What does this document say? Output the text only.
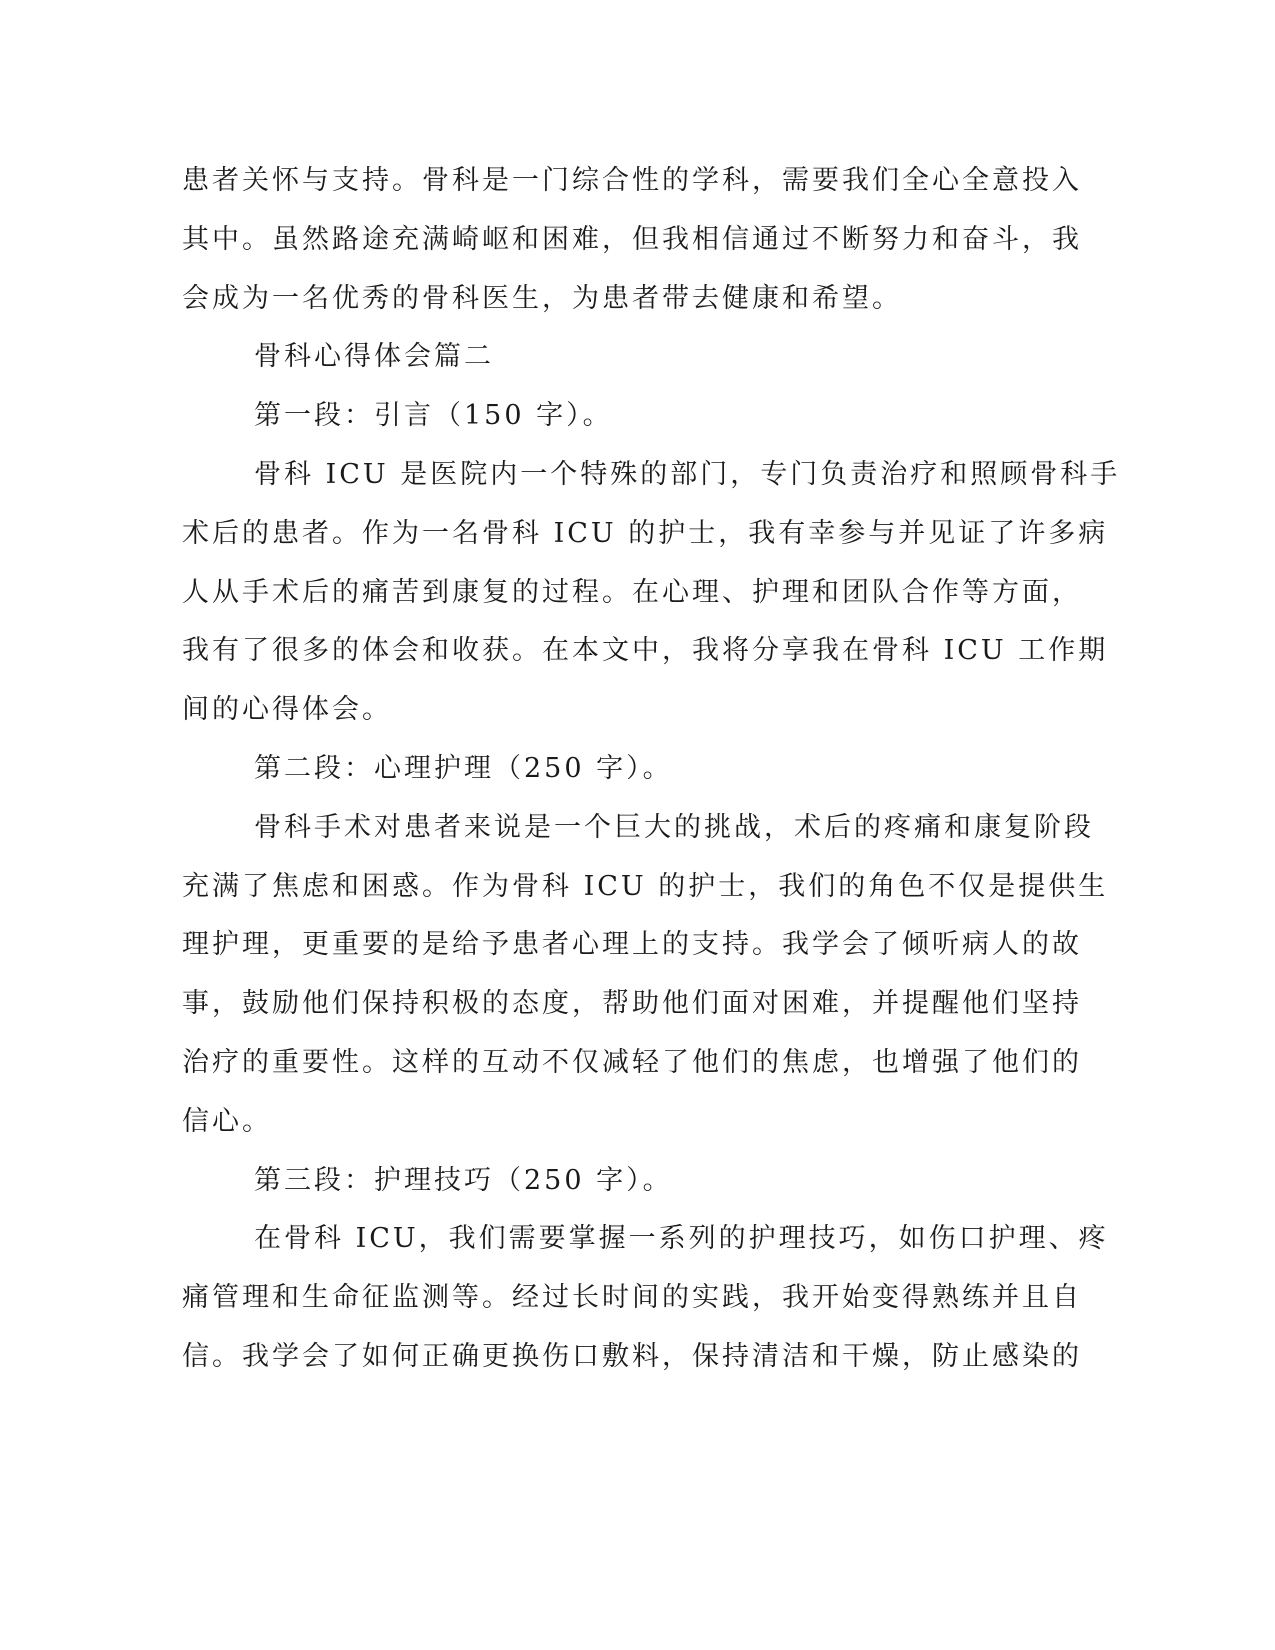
患者关怀与支持。骨科是一门综合性的学科，需要我们全心全意投入
其中。虽然路途充满崎岖和困难，但我相信通过不断努力和奋斗，我
会成为一名优秀的骨科医生，为患者带去健康和希望。
骨科心得体会篇二
第一段：引言（150 字）。
骨科 ICU 是医院内一个特殊的部门，专门负责治疗和照顾骨科手
术后的患者。作为一名骨科 ICU 的护士，我有幸参与并见证了许多病
人从手术后的痛苦到康复的过程。在心理、护理和团队合作等方面，
我有了很多的体会和收获。在本文中，我将分享我在骨科 ICU 工作期
间的心得体会。
第二段：心理护理（250 字）。
骨科手术对患者来说是一个巨大的挑战，术后的疼痛和康复阶段
充满了焦虑和困惑。作为骨科 ICU 的护士，我们的角色不仅是提供生
理护理，更重要的是给予患者心理上的支持。我学会了倾听病人的故
事，鼓励他们保持积极的态度，帮助他们面对困难，并提醒他们坚持
治疗的重要性。这样的互动不仅减轻了他们的焦虑，也增强了他们的
信心。
第三段：护理技巧（250 字）。
在骨科 ICU，我们需要掌握一系列的护理技巧，如伤口护理、疼
痛管理和生命征监测等。经过长时间的实践，我开始变得熟练并且自
信。我学会了如何正确更换伤口敷料，保持清洁和干燥，防止感染的
